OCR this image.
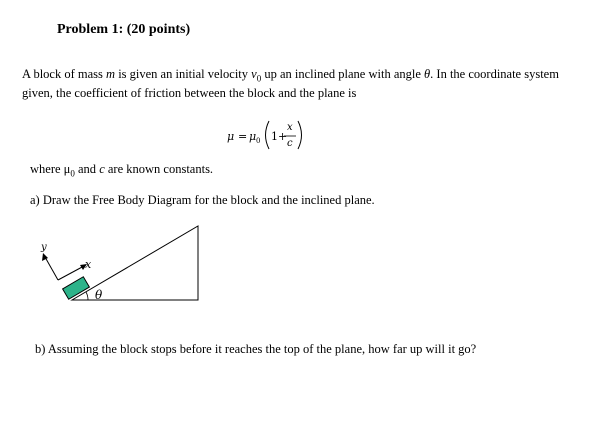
Problem 1: (20 points)
A block of mass m is given an initial velocity $v_0$ up an inclined plane with angle θ. In the coordinate system given, the coefficient of friction between the block and the plane is
μ = μ 0 1+
x
c
where $\mu_0$ and c are known constants.
a) Draw the Free Body Diagram for the block and the inclined plane.
y
x
θ
b) Assuming the block stops before it reaches the top of the plane, how far up will it go?
